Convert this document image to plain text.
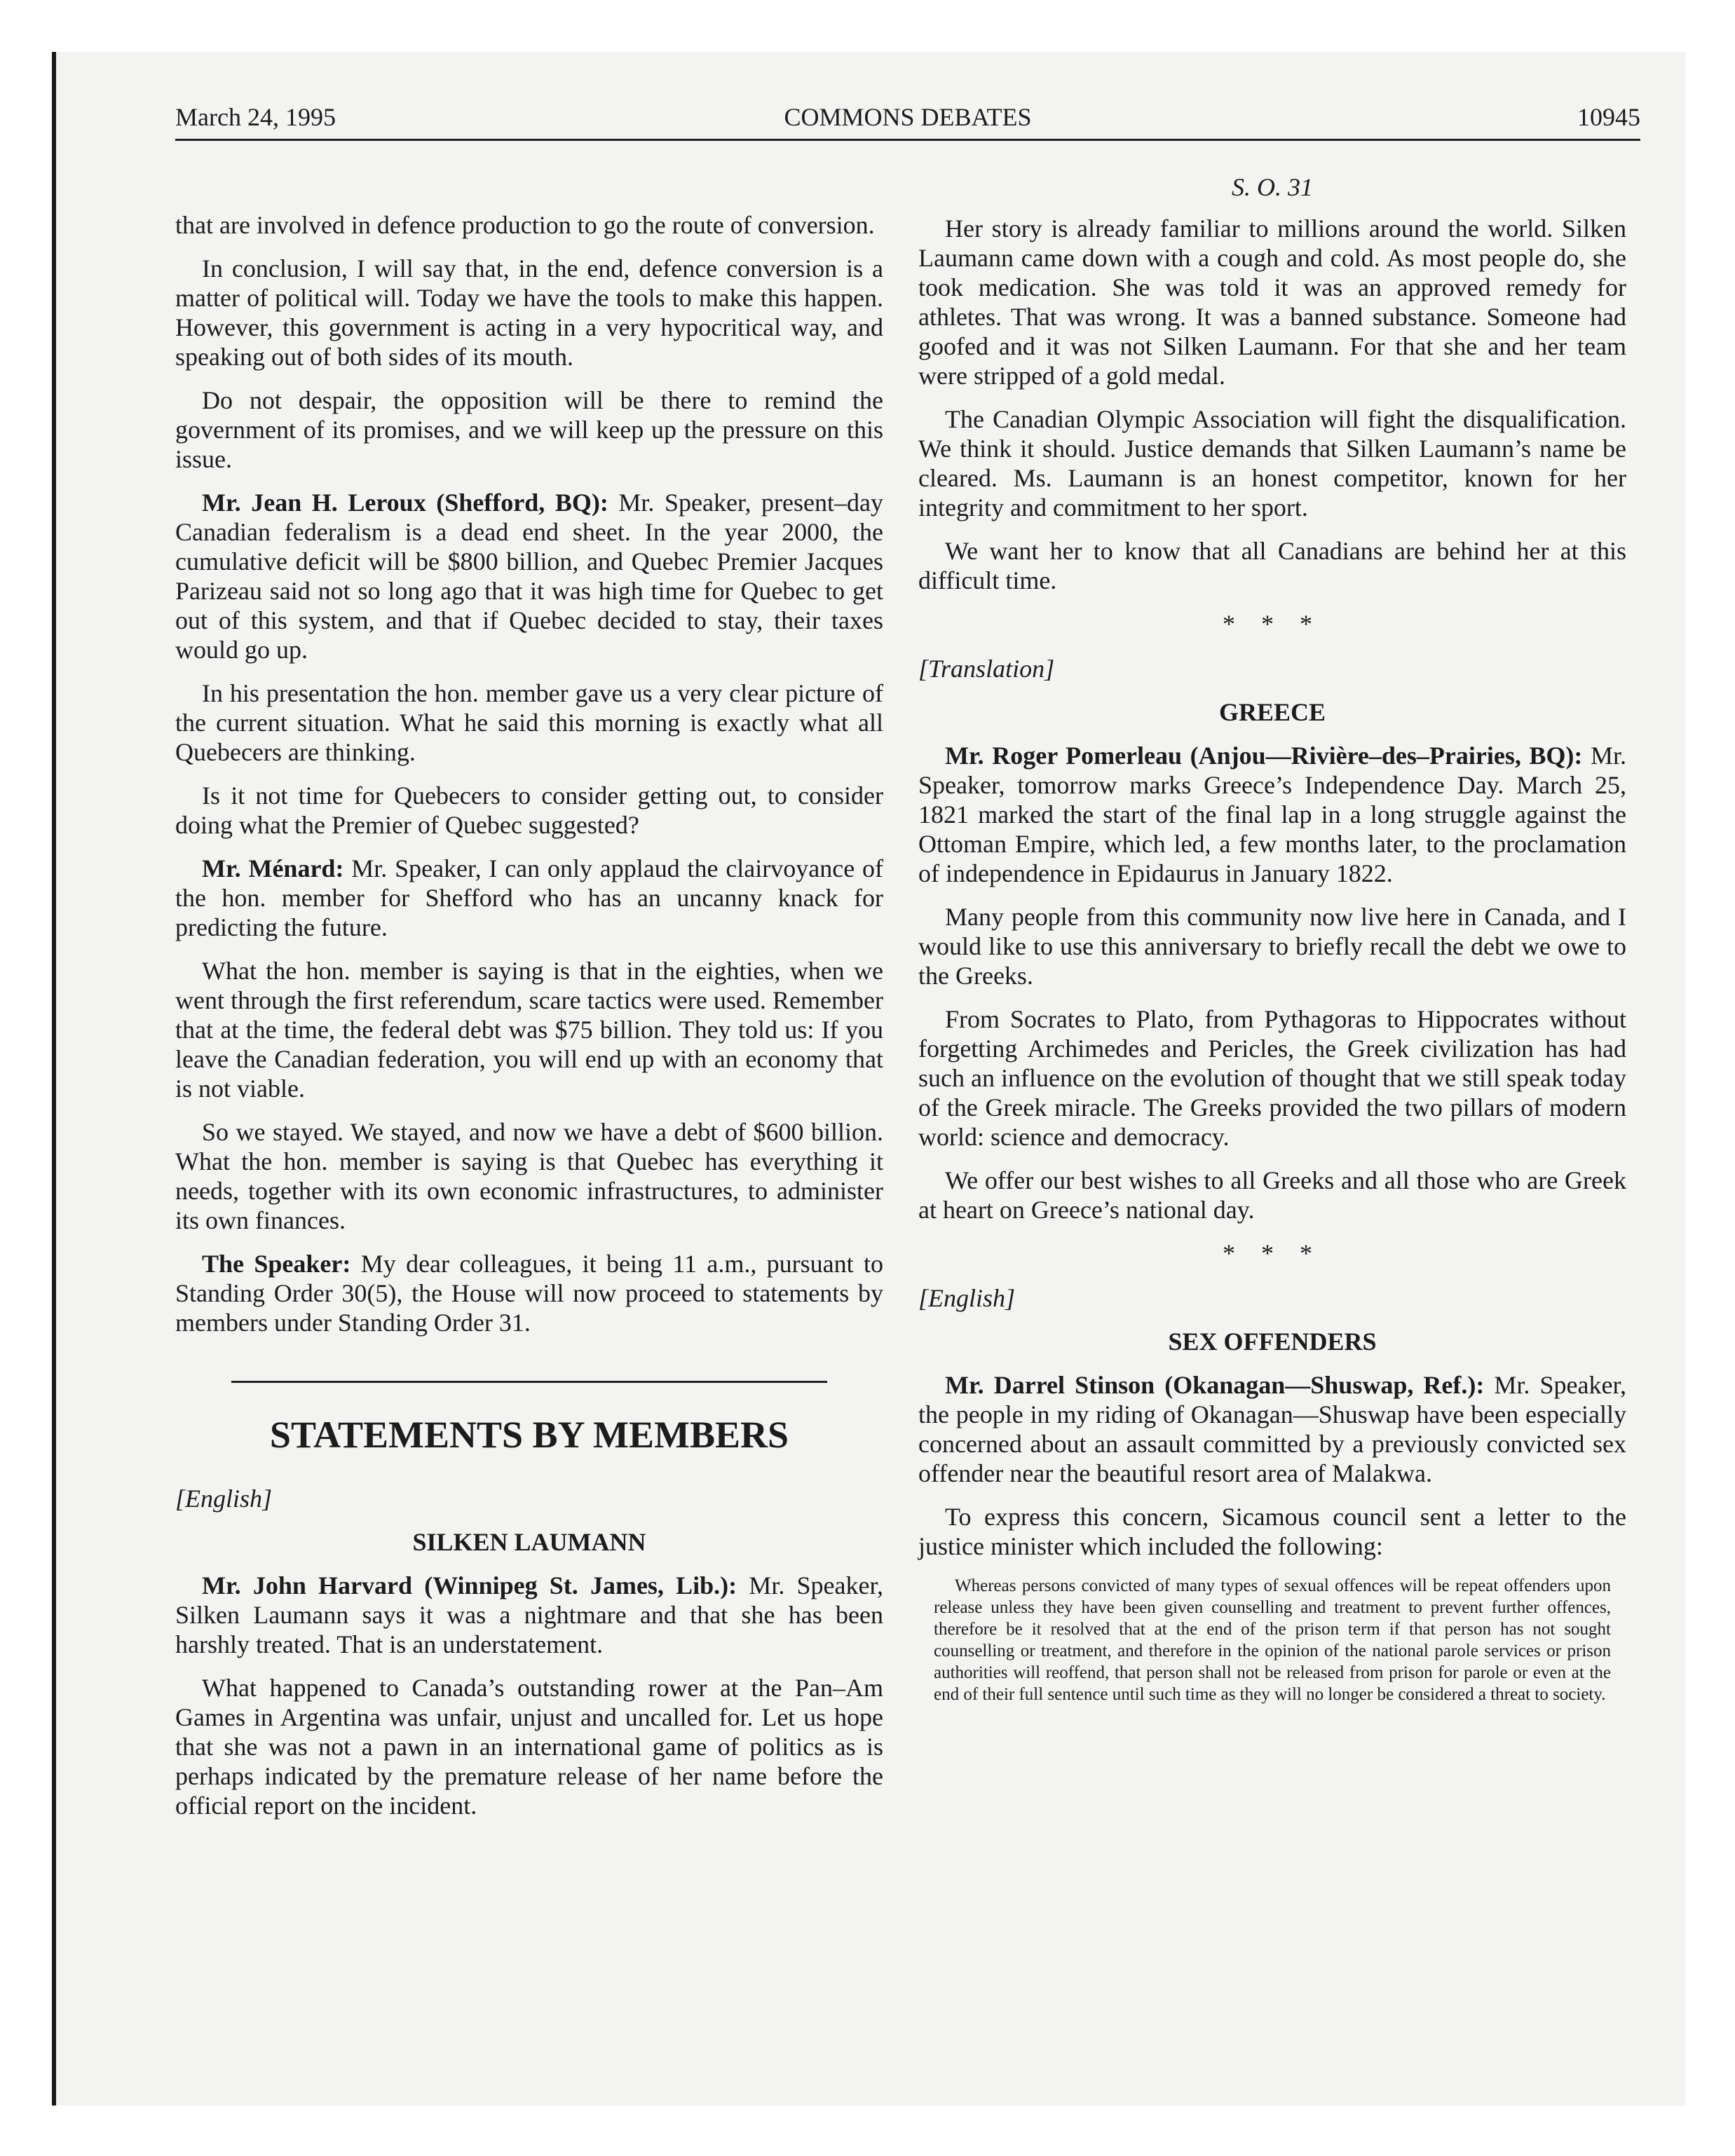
March 24, 1995	COMMONS DEBATES	10945
S. O. 31

that are involved in defence production to go the route of conversion.

In conclusion, I will say that, in the end, defence conversion is a matter of political will. Today we have the tools to make this happen. However, this government is acting in a very hypocritical way, and speaking out of both sides of its mouth.

Do not despair, the opposition will be there to remind the government of its promises, and we will keep up the pressure on this issue.

Mr. Jean H. Leroux (Shefford, BQ): Mr. Speaker, present–day Canadian federalism is a dead end sheet. In the year 2000, the cumulative deficit will be $800 billion, and Quebec Premier Jacques Parizeau said not so long ago that it was high time for Quebec to get out of this system, and that if Quebec decided to stay, their taxes would go up.

In his presentation the hon. member gave us a very clear picture of the current situation. What he said this morning is exactly what all Quebecers are thinking.

Is it not time for Quebecers to consider getting out, to consider doing what the Premier of Quebec suggested?

Mr. Ménard: Mr. Speaker, I can only applaud the clairvoyance of the hon. member for Shefford who has an uncanny knack for predicting the future.

What the hon. member is saying is that in the eighties, when we went through the first referendum, scare tactics were used. Remember that at the time, the federal debt was $75 billion. They told us: If you leave the Canadian federation, you will end up with an economy that is not viable.

So we stayed. We stayed, and now we have a debt of $600 billion. What the hon. member is saying is that Quebec has everything it needs, together with its own economic infrastructures, to administer its own finances.

The Speaker: My dear colleagues, it being 11 a.m., pursuant to Standing Order 30(5), the House will now proceed to statements by members under Standing Order 31.

STATEMENTS BY MEMBERS
[English]
SILKEN LAUMANN

Mr. John Harvard (Winnipeg St. James, Lib.): Mr. Speaker, Silken Laumann says it was a nightmare and that she has been harshly treated. That is an understatement.

What happened to Canada’s outstanding rower at the Pan–Am Games in Argentina was unfair, unjust and uncalled for. Let us hope that she was not a pawn in an international game of politics as is perhaps indicated by the premature release of her name before the official report on the incident.

Her story is already familiar to millions around the world. Silken Laumann came down with a cough and cold. As most people do, she took medication. She was told it was an approved remedy for athletes. That was wrong. It was a banned substance. Someone had goofed and it was not Silken Laumann. For that she and her team were stripped of a gold medal.

The Canadian Olympic Association will fight the disqualification. We think it should. Justice demands that Silken Laumann’s name be cleared. Ms. Laumann is an honest competitor, known for her integrity and commitment to her sport.

We want her to know that all Canadians are behind her at this difficult time.

* * *
[Translation]
GREECE

Mr. Roger Pomerleau (Anjou—Rivière–des–Prairies, BQ): Mr. Speaker, tomorrow marks Greece’s Independence Day. March 25, 1821 marked the start of the final lap in a long struggle against the Ottoman Empire, which led, a few months later, to the proclamation of independence in Epidaurus in January 1822.

Many people from this community now live here in Canada, and I would like to use this anniversary to briefly recall the debt we owe to the Greeks.

From Socrates to Plato, from Pythagoras to Hippocrates without forgetting Archimedes and Pericles, the Greek civilization has had such an influence on the evolution of thought that we still speak today of the Greek miracle. The Greeks provided the two pillars of modern world: science and democracy.

We offer our best wishes to all Greeks and all those who are Greek at heart on Greece’s national day.

* * *
[English]
SEX OFFENDERS

Mr. Darrel Stinson (Okanagan—Shuswap, Ref.): Mr. Speaker, the people in my riding of Okanagan—Shuswap have been especially concerned about an assault committed by a previously convicted sex offender near the beautiful resort area of Malakwa.

To express this concern, Sicamous council sent a letter to the justice minister which included the following:

Whereas persons convicted of many types of sexual offences will be repeat offenders upon release unless they have been given counselling and treatment to prevent further offences, therefore be it resolved that at the end of the prison term if that person has not sought counselling or treatment, and therefore in the opinion of the national parole services or prison authorities will reoffend, that person shall not be released from prison for parole or even at the end of their full sentence until such time as they will no longer be considered a threat to society.
